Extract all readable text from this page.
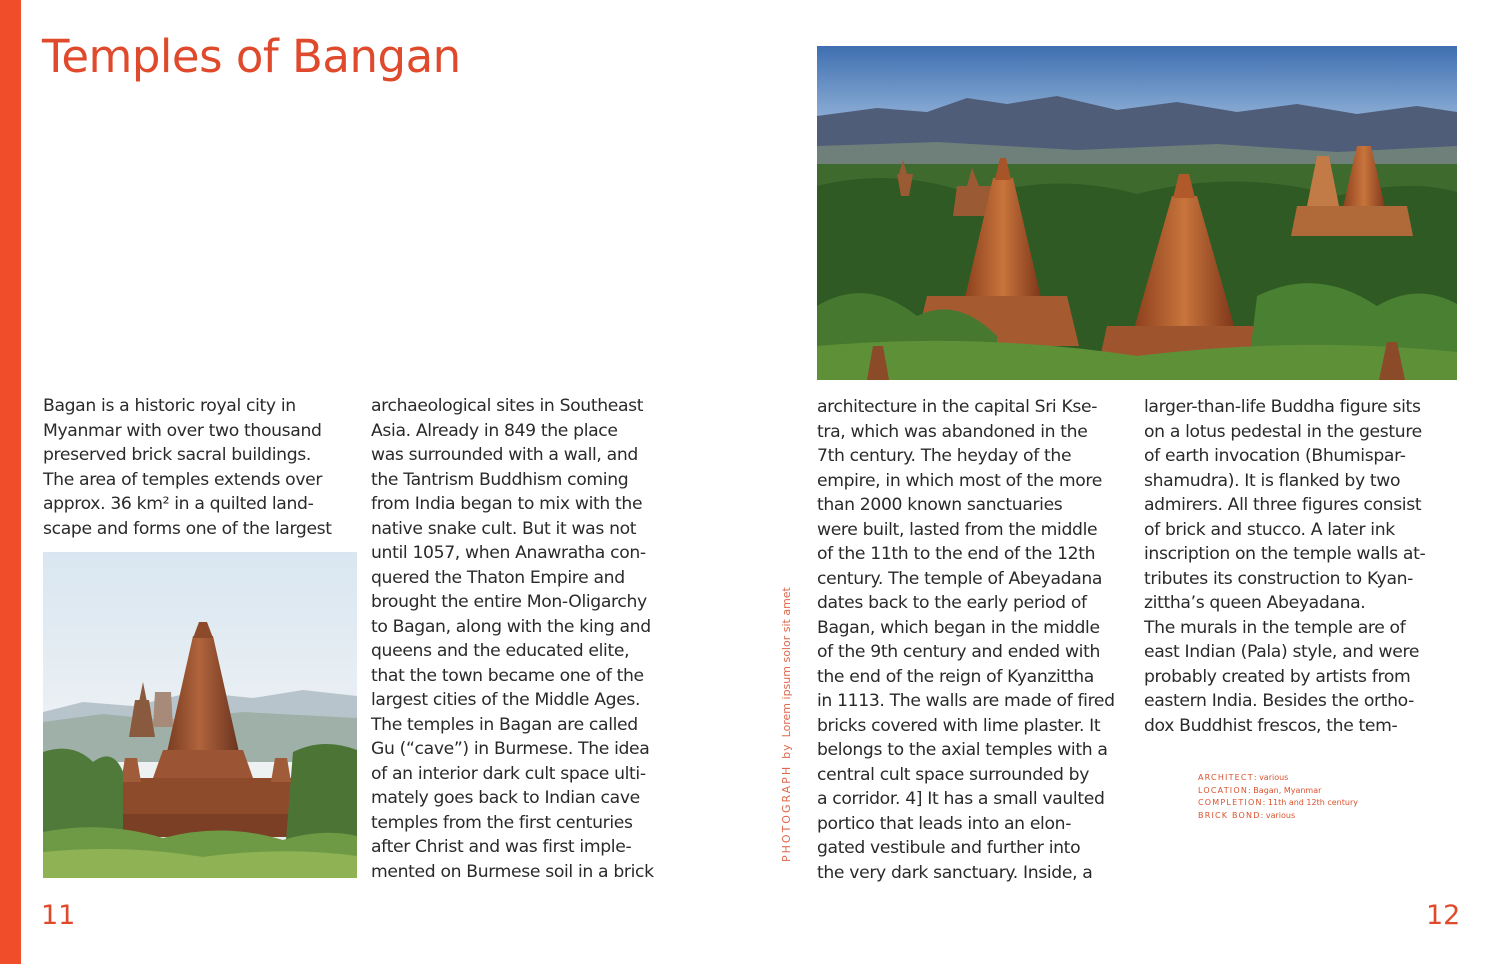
Temples of Bangan
Bagan is a historic royal city in
Myanmar with over two thousand
preserved brick sacral buildings.
The area of temples extends over
approx. 36 km² in a quilted land-
scape and forms one of the largest
archaeological sites in Southeast
Asia. Already in 849 the place
was surrounded with a wall, and
the Tantrism Buddhism coming
from India began to mix with the
native snake cult. But it was not
until 1057, when Anawratha con-
quered the Thaton Empire and
brought the entire Mon-Oligarchy
to Bagan, along with the king and
queens and the educated elite,
that the town became one of the
largest cities of the Middle Ages.
The temples in Bagan are called
Gu (“cave”) in Burmese. The idea
of an interior dark cult space ulti-
mately goes back to Indian cave
temples from the first centuries
after Christ and was first imple-
mented on Burmese soil in a brick
PHOTOGRAPHbyLorem ipsum solor sit amet
architecture in the capital Sri Kse-
tra, which was abandoned in the
7th century. The heyday of the
empire, in which most of the more
than 2000 known sanctuaries
were built, lasted from the middle
of the 11th to the end of the 12th
century. The temple of Abeyadana
dates back to the early period of
Bagan, which began in the middle
of the 9th century and ended with
the end of the reign of Kyanzittha
in 1113. The walls are made of fired
bricks covered with lime plaster. It
belongs to the axial temples with a
central cult space surrounded by
a corridor. 4] It has a small vaulted
portico that leads into an elon-
gated vestibule and further into
the very dark sanctuary. Inside, a
larger-than-life Buddha figure sits
on a lotus pedestal in the gesture
of earth invocation (Bhumispar-
shamudra). It is flanked by two
admirers. All three figures consist
of brick and stucco. A later ink
inscription on the temple walls at-
tributes its construction to Kyan-
zittha’s queen Abeyadana.
The murals in the temple are of
east Indian (Pala) style, and were
probably created by artists from
eastern India. Besides the ortho-
dox Buddhist frescos, the tem-
ARCHITECT: various
LOCATION: Bagan, Myanmar
COMPLETION: 11th and 12th century
BRICK BOND: various
11	12
